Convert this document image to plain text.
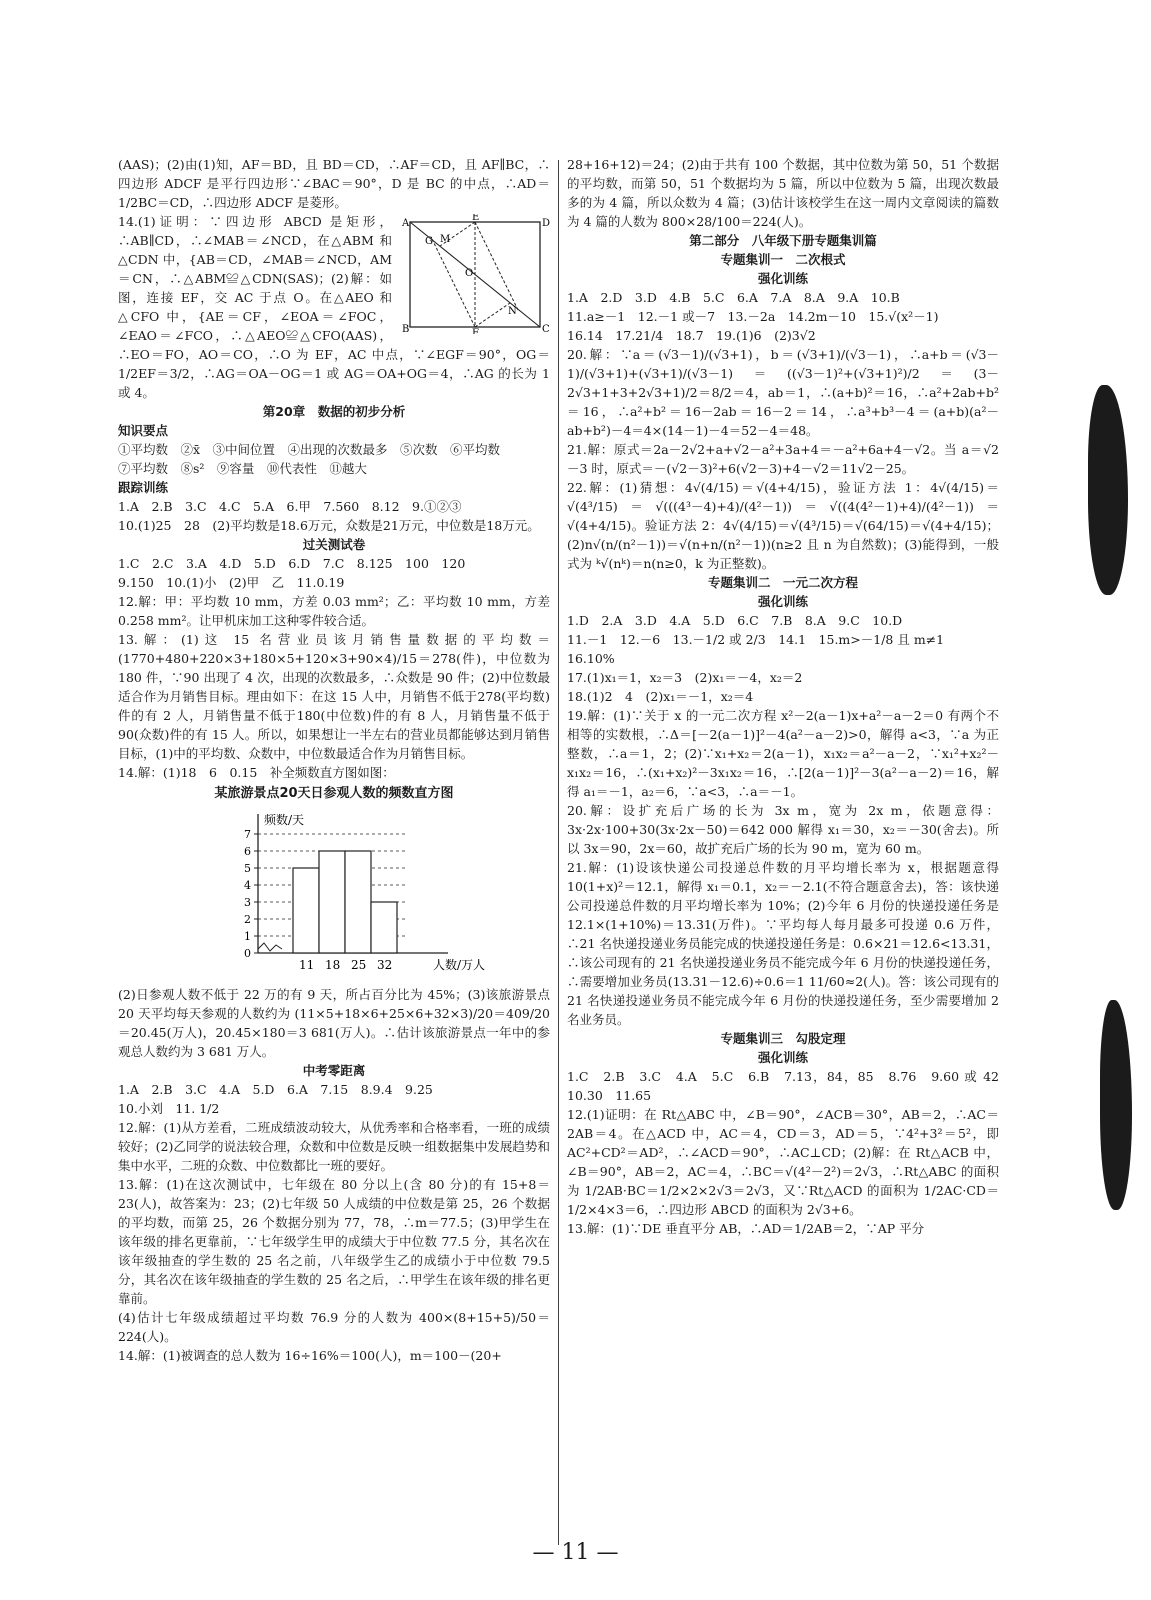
(AAS)；(2)由(1)知，AF＝BD，且 BD＝CD，∴AF＝CD，且 AF∥BC，∴四边形 ADCF 是平行四边形∵∠BAC＝90°，D 是 BC 的中点，∴AD＝1/2BC＝CD，∴四边形 ADCF 是菱形。

A
B	C
D
E
F
G M
N
O

14.(1)证明：∵四边形 ABCD 是矩形，∴AB∥CD，∴∠MAB＝∠NCD，在△ABM 和△CDN 中，{AB＝CD，∠MAB＝∠NCD，AM＝CN，∴△ABM≌△CDN(SAS)；(2)解：如图，连接 EF，交 AC 于点 O。在△AEO 和△CFO 中，{AE＝CF，∠EOA＝∠FOC，∠EAO＝∠FCO，∴△AEO≌△CFO(AAS)，∴EO＝FO，AO＝CO，∴O 为 EF，AC 中点，∵∠EGF＝90°，OG＝1/2EF＝3/2，∴AG＝OA－OG＝1 或 AG＝OA+OG＝4，∴AG 的长为 1 或 4。

第20章　数据的初步分析

知识要点

①平均数　②x̄　③中间位置　④出现的次数最多　⑤次数　⑥平均数

⑦平均数　⑧s²　⑨容量　⑩代表性　⑪越大

跟踪训练

1.A　2.B　3.C　4.C　5.A　6.甲　7.560　8.12　9.①②③

10.(1)25　28　(2)平均数是18.6万元，众数是21万元，中位数是18万元。

过关测试卷

1.C　2.C　3.A　4.D　5.D　6.D　7.C　8.125　100　120

9.150　10.(1)小　(2)甲　乙　11.0.19

12.解：甲：平均数 10 mm，方差 0.03 mm²；乙：平均数 10 mm，方差 0.258 mm²。让甲机床加工这种零件较合适。

13.解：(1)这 15 名营业员该月销售量数据的平均数＝(1770+480+220×3+180×5+120×3+90×4)/15＝278(件)，中位数为 180 件，∵90 出现了 4 次，出现的次数最多，∴众数是 90 件；(2)中位数最适合作为月销售目标。理由如下：在这 15 人中，月销售不低于278(平均数)件的有 2 人，月销售量不低于180(中位数)件的有 8 人，月销售量不低于90(众数)件的有 15 人。所以，如果想让一半左右的营业员都能够达到月销售目标，(1)中的平均数、众数中，中位数最适合作为月销售目标。

14.解：(1)18　6　0.15　补全频数直方图如图：

某旅游景点20天日参观人数的频数直方图
频数/天
人数/万人
0
1
2
3
4
5
6
7
11 18 25 32

(2)日参观人数不低于 22 万的有 9 天，所占百分比为 45%；(3)该旅游景点 20 天平均每天参观的人数约为 (11×5+18×6+25×6+32×3)/20＝409/20＝20.45(万人)，20.45×180＝3 681(万人)。∴估计该旅游景点一年中的参观总人数约为 3 681 万人。

中考零距离

1.A　2.B　3.C　4.A　5.D　6.A　7.15　8.9.4　9.25

10.小刘　11. 1/2

12.解：(1)从方差看，二班成绩波动较大，从优秀率和合格率看，一班的成绩较好；(2)乙同学的说法较合理，众数和中位数是反映一组数据集中发展趋势和集中水平，二班的众数、中位数都比一班的要好。

13.解：(1)在这次测试中，七年级在 80 分以上(含 80 分)的有 15+8＝23(人)，故答案为：23；(2)七年级 50 人成绩的中位数是第 25，26 个数据的平均数，而第 25，26 个数据分别为 77，78，∴m＝77.5；(3)甲学生在该年级的排名更靠前，∵七年级学生甲的成绩大于中位数 77.5 分，其名次在该年级抽查的学生数的 25 名之前，八年级学生乙的成绩小于中位数 79.5 分，其名次在该年级抽查的学生数的 25 名之后，∴甲学生在该年级的排名更靠前。

(4)估计七年级成绩超过平均数 76.9 分的人数为 400×(8+15+5)/50＝224(人)。

14.解：(1)被调查的总人数为 16÷16%＝100(人)，m＝100－(20+

28+16+12)＝24；(2)由于共有 100 个数据，其中位数为第 50，51 个数据的平均数，而第 50，51 个数据均为 5 篇，所以中位数为 5 篇，出现次数最多的为 4 篇，所以众数为 4 篇；(3)估计该校学生在这一周内文章阅读的篇数为 4 篇的人数为 800×28/100＝224(人)。

第二部分　八年级下册专题集训篇

专题集训一　二次根式

强化训练

1.A　2.D　3.D　4.B　5.C　6.A　7.A　8.A　9.A　10.B

11.a≥－1　12.－1 或－7　13.－2a　14.2m－10　15.√(x²－1)

16.14　17.21/4　18.7　19.(1)6　(2)3√2

20.解：∵a＝(√3－1)/(√3+1)，b＝(√3+1)/(√3－1)，∴a+b＝(√3－1)/(√3+1)+(√3+1)/(√3－1)＝((√3－1)²+(√3+1)²)/2＝(3－2√3+1+3+2√3+1)/2＝8/2＝4，ab＝1，∴(a+b)²＝16，∴a²+2ab+b²＝16，∴a²+b²＝16－2ab＝16－2＝14，∴a³+b³－4＝(a+b)(a²－ab+b²)－4＝4×(14－1)－4＝52－4＝48。

21.解：原式＝2a－2√2+a+√2－a²+3a+4＝－a²+6a+4－√2。当 a＝√2－3 时，原式＝－(√2－3)²+6(√2－3)+4－√2＝11√2－25。

22.解：(1)猜想：4√(4/15)＝√(4+4/15)，验证方法 1：4√(4/15)＝√(4³/15)＝√(((4³－4)+4)/(4²－1))＝√((4(4²－1)+4)/(4²－1))＝√(4+4/15)。验证方法 2：4√(4/15)＝√(4³/15)＝√(64/15)＝√(4+4/15)；(2)n√(n/(n²－1))＝√(n+n/(n²－1))(n≥2 且 n 为自然数)；(3)能得到，一般式为 ᵏ√(nᵏ)＝n(n≥0，k 为正整数)。

专题集训二　一元二次方程

强化训练

1.D　2.A　3.D　4.A　5.D　6.C　7.B　8.A　9.C　10.D

11.－1　12.－6　13.－1/2 或 2/3　14.1　15.m>－1/8 且 m≠1

16.10%

17.(1)x₁＝1，x₂＝3　(2)x₁＝－4，x₂＝2

18.(1)2　4　(2)x₁＝－1，x₂＝4

19.解：(1)∵关于 x 的一元二次方程 x²－2(a－1)x+a²－a－2＝0 有两个不相等的实数根，∴Δ＝[－2(a－1)]²－4(a²－a－2)>0，解得 a<3，∵a 为正整数，∴a＝1，2；(2)∵x₁+x₂＝2(a－1)，x₁x₂＝a²－a－2，∵x₁²+x₂²－x₁x₂＝16，∴(x₁+x₂)²－3x₁x₂＝16，∴[2(a－1)]²－3(a²－a－2)＝16，解得 a₁＝－1，a₂＝6，∵a<3，∴a＝－1。

20.解：设扩充后广场的长为 3x m，宽为 2x m，依题意得：3x·2x·100+30(3x·2x－50)＝642 000 解得 x₁＝30，x₂＝－30(舍去)。所以 3x＝90，2x＝60，故扩充后广场的长为 90 m，宽为 60 m。

21.解：(1)设该快递公司投递总件数的月平均增长率为 x，根据题意得 10(1+x)²＝12.1，解得 x₁＝0.1，x₂＝－2.1(不符合题意舍去)，答：该快递公司投递总件数的月平均增长率为 10%；(2)今年 6 月份的快递投递任务是 12.1×(1+10%)＝13.31(万件)。∵平均每人每月最多可投递 0.6 万件，∴21 名快递投递业务员能完成的快递投递任务是：0.6×21＝12.6<13.31，∴该公司现有的 21 名快递投递业务员不能完成今年 6 月份的快递投递任务，∴需要增加业务员(13.31－12.6)÷0.6＝1 11/60≈2(人)。答：该公司现有的 21 名快递投递业务员不能完成今年 6 月份的快递投递任务，至少需要增加 2 名业务员。

专题集训三　勾股定理

强化训练

1.C　2.B　3.C　4.A　5.C　6.B　7.13，84，85　8.76　9.60 或 42　10.30　11.65

12.(1)证明：在 Rt△ABC 中，∠B＝90°，∠ACB＝30°，AB＝2，∴AC＝2AB＝4。在△ACD 中，AC＝4，CD＝3，AD＝5，∵4²+3²＝5²，即 AC²+CD²＝AD²，∴∠ACD＝90°，∴AC⊥CD；(2)解：在 Rt△ACB 中，∠B＝90°，AB＝2，AC＝4，∴BC＝√(4²－2²)＝2√3，∴Rt△ABC 的面积为 1/2AB·BC＝1/2×2×2√3＝2√3，又∵Rt△ACD 的面积为 1/2AC·CD＝1/2×4×3＝6，∴四边形 ABCD 的面积为 2√3+6。

13.解：(1)∵DE 垂直平分 AB，∴AD＝1/2AB＝2，∵AP 平分

— 11 —
